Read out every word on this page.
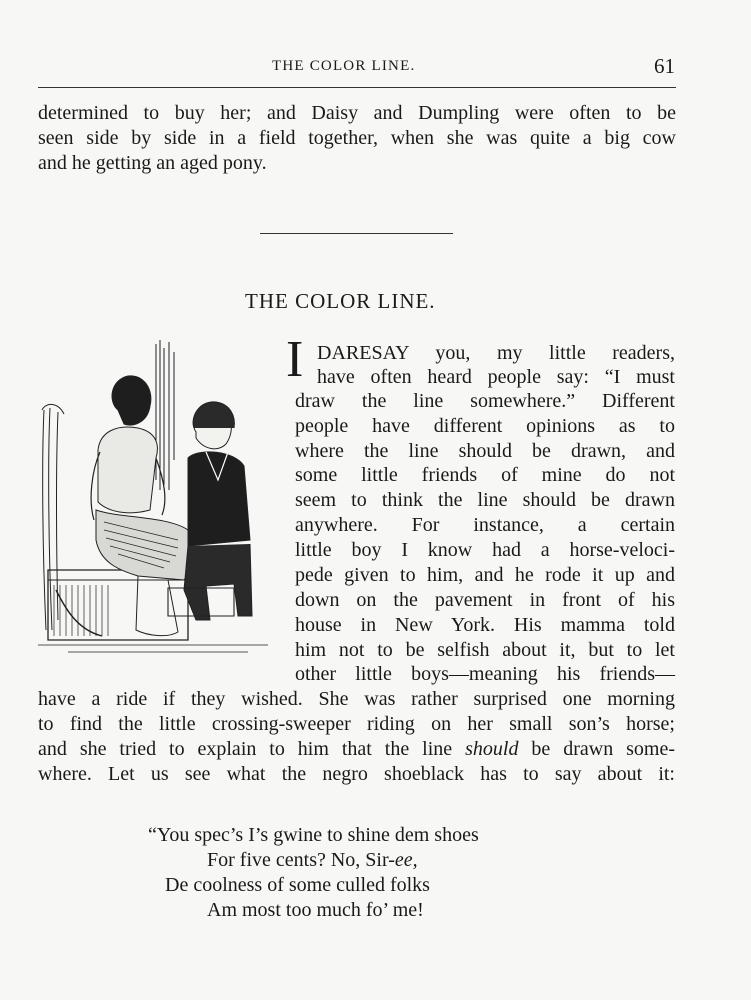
THE COLOR LINE.	61
determined to buy her; and Daisy and Dumpling were often to be
seen side by side in a field together, when she was quite a big cow
and he getting an aged pony.
THE COLOR LINE.
I DARESAY you, my little readers,
have often heard people say: “I must
draw the line somewhere.” Different
people have different opinions as to
where the line should be drawn, and
some little friends of mine do not
seem to think the line should be drawn
anywhere. For instance, a certain
little boy I know had a horse-veloci-
pede given to him, and he rode it up and
down on the pavement in front of his
house in New York. His mamma told
him not to be selfish about it, but to let
other little boys—meaning his friends—
have a ride if they wished. She was rather surprised one morning
to find the little crossing-sweeper riding on her small son’s horse;
and she tried to explain to him that the line should be drawn some-
where. Let us see what the negro shoeblack has to say about it:
“You spec’s I’s gwine to shine dem shoes
For five cents? No, Sir-ee,
De coolness of some culled folks
Am most too much fo’ me!
